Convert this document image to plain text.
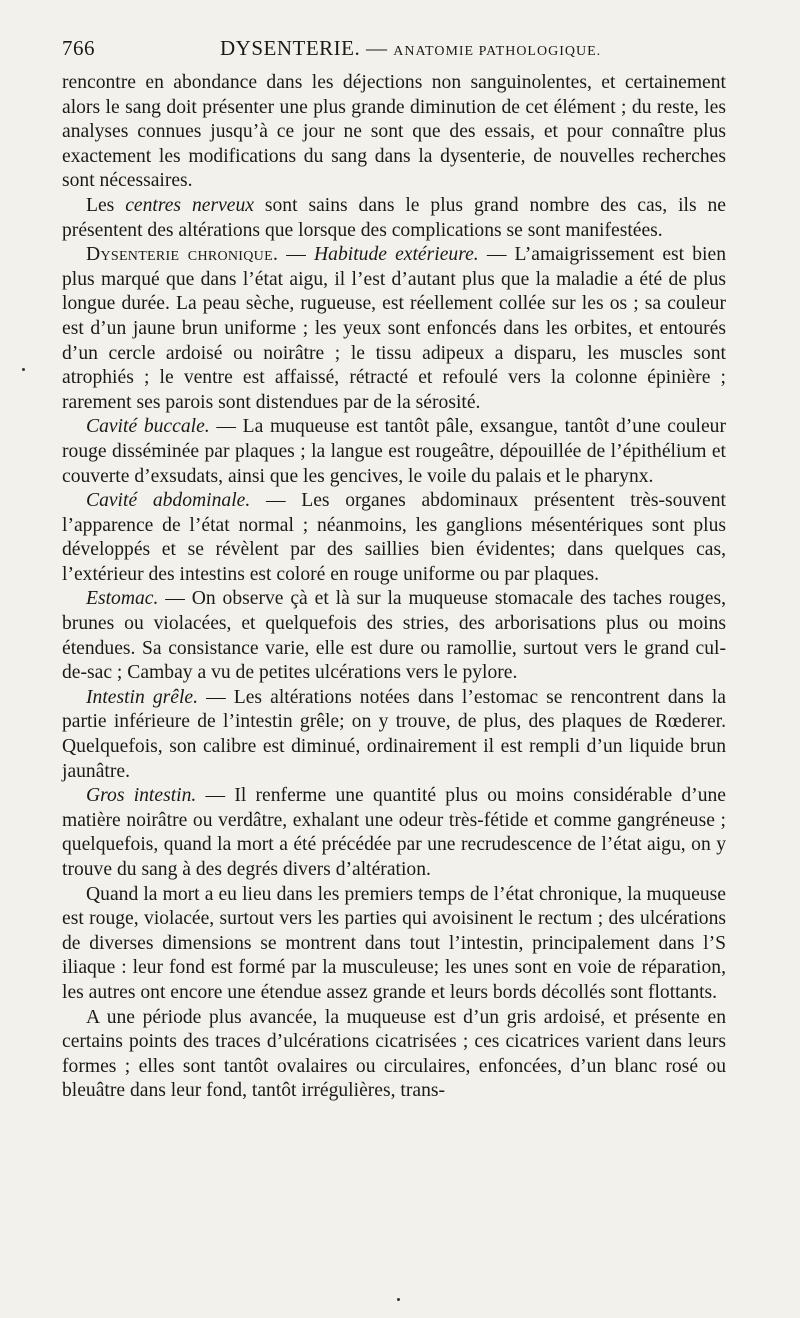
766	DYSENTERIE. — ANATOMIE PATHOLOGIQUE.

rencontre en abondance dans les déjections non sanguinolentes, et certainement alors le sang doit présenter une plus grande diminution de cet élément ; du reste, les analyses connues jusqu’à ce jour ne sont que des essais, et pour connaître plus exactement les modifications du sang dans la dysenterie, de nouvelles recherches sont nécessaires.

Les centres nerveux sont sains dans le plus grand nombre des cas, ils ne présentent des altérations que lorsque des complications se sont manifestées.

Dysenterie chronique. — Habitude extérieure. — L’amaigrissement est bien plus marqué que dans l’état aigu, il l’est d’autant plus que la maladie a été de plus longue durée. La peau sèche, rugueuse, est réellement collée sur les os ; sa couleur est d’un jaune brun uniforme ; les yeux sont enfoncés dans les orbites, et entourés d’un cercle ardoisé ou noirâtre ; le tissu adipeux a disparu, les muscles sont atrophiés ; le ventre est affaissé, rétracté et refoulé vers la colonne épinière ; rarement ses parois sont distendues par de la sérosité.

Cavité buccale. — La muqueuse est tantôt pâle, exsangue, tantôt d’une couleur rouge disséminée par plaques ; la langue est rougeâtre, dépouillée de l’épithélium et couverte d’exsudats, ainsi que les gencives, le voile du palais et le pharynx.

Cavité abdominale. — Les organes abdominaux présentent très-souvent l’apparence de l’état normal ; néanmoins, les ganglions mésentériques sont plus développés et se révèlent par des saillies bien évidentes; dans quelques cas, l’extérieur des intestins est coloré en rouge uniforme ou par plaques.

Estomac. — On observe çà et là sur la muqueuse stomacale des taches rouges, brunes ou violacées, et quelquefois des stries, des arborisations plus ou moins étendues. Sa consistance varie, elle est dure ou ramollie, surtout vers le grand cul-de-sac ; Cambay a vu de petites ulcérations vers le pylore.

Intestin grêle. — Les altérations notées dans l’estomac se rencontrent dans la partie inférieure de l’intestin grêle; on y trouve, de plus, des plaques de Rœderer. Quelquefois, son calibre est diminué, ordinairement il est rempli d’un liquide brun jaunâtre.

Gros intestin. — Il renferme une quantité plus ou moins considérable d’une matière noirâtre ou verdâtre, exhalant une odeur très-fétide et comme gangréneuse ; quelquefois, quand la mort a été précédée par une recrudescence de l’état aigu, on y trouve du sang à des degrés divers d’altération.

Quand la mort a eu lieu dans les premiers temps de l’état chronique, la muqueuse est rouge, violacée, surtout vers les parties qui avoisinent le rectum ; des ulcérations de diverses dimensions se montrent dans tout l’intestin, principalement dans l’S iliaque : leur fond est formé par la musculeuse; les unes sont en voie de réparation, les autres ont encore une étendue assez grande et leurs bords décollés sont flottants.

A une période plus avancée, la muqueuse est d’un gris ardoisé, et présente en certains points des traces d’ulcérations cicatrisées ; ces cicatrices varient dans leurs formes ; elles sont tantôt ovalaires ou circulaires, enfoncées, d’un blanc rosé ou bleuâtre dans leur fond, tantôt irrégulières, trans-
